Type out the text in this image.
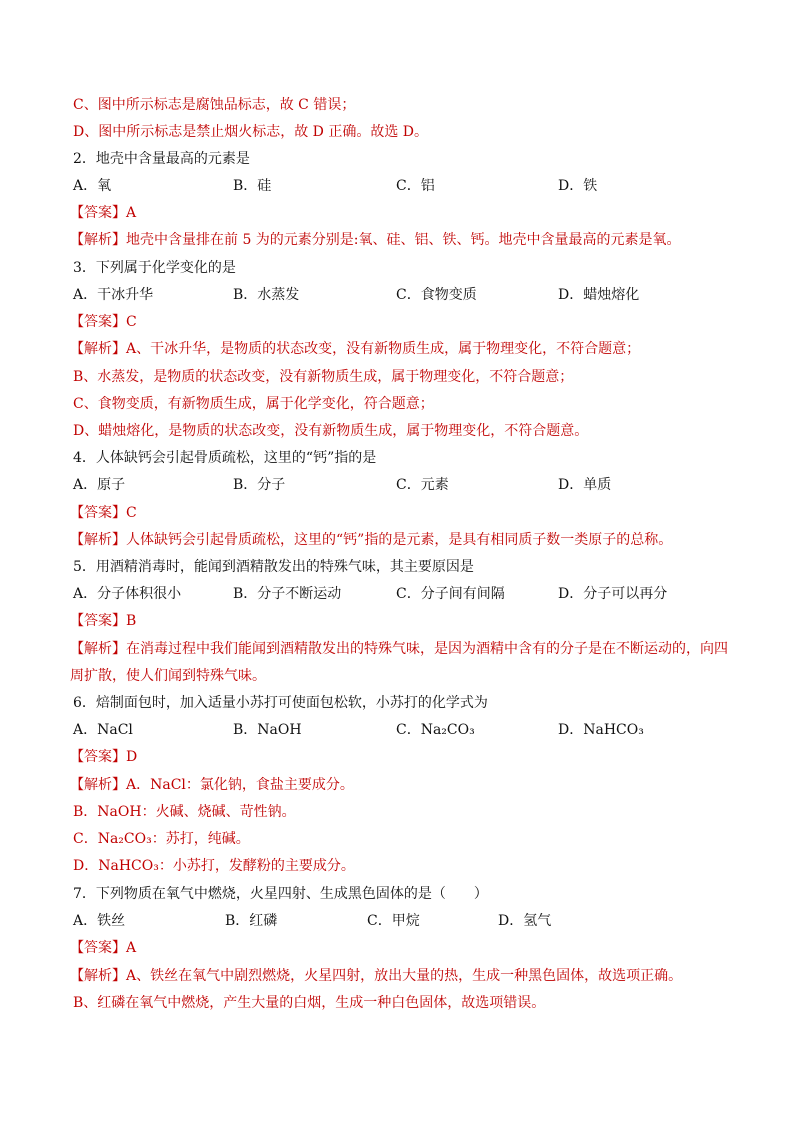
C、图中所示标志是腐蚀品标志，故 C 错误；
D、图中所示标志是禁止烟火标志，故 D 正确。故选 D。
2．地壳中含量最高的元素是
A．氧	B．硅	C．铝	D．铁
【答案】A
【解析】地壳中含量排在前 5 为的元素分别是:氧、硅、铝、铁、钙。地壳中含量最高的元素是氧。
3．下列属于化学变化的是
A．干冰升华	B．水蒸发	C．食物变质	D．蜡烛熔化
【答案】C
【解析】A、干冰升华，是物质的状态改变，没有新物质生成，属于物理变化，不符合题意；
B、水蒸发，是物质的状态改变，没有新物质生成，属于物理变化，不符合题意；
C、食物变质，有新物质生成，属于化学变化，符合题意；
D、蜡烛熔化，是物质的状态改变，没有新物质生成，属于物理变化，不符合题意。
4．人体缺钙会引起骨质疏松，这里的“钙”指的是
A．原子	B．分子	C．元素	D．单质
【答案】C
【解析】人体缺钙会引起骨质疏松，这里的“钙”指的是元素，是具有相同质子数一类原子的总称。
5．用酒精消毒时，能闻到酒精散发出的特殊气味，其主要原因是
A．分子体积很小	B．分子不断运动	C．分子间有间隔	D．分子可以再分
【答案】B
【解析】在消毒过程中我们能闻到酒精散发出的特殊气味，是因为酒精中含有的分子是在不断运动的，向四周扩散，使人们闻到特殊气味。
6．焙制面包时，加入适量小苏打可使面包松软，小苏打的化学式为
A．NaCl	B．NaOH	C．Na₂CO₃	D．NaHCO₃
【答案】D
【解析】A．NaCl：氯化钠，食盐主要成分。
B．NaOH：火碱、烧碱、苛性钠。
C．Na₂CO₃：苏打，纯碱。
D．NaHCO₃：小苏打，发酵粉的主要成分。
7．下列物质在氧气中燃烧，火星四射、生成黑色固体的是（　　）
A．铁丝	B．红磷	C．甲烷	D．氢气
【答案】A
【解析】A、铁丝在氧气中剧烈燃烧，火星四射，放出大量的热，生成一种黑色固体，故选项正确。
B、红磷在氧气中燃烧，产生大量的白烟，生成一种白色固体，故选项错误。
